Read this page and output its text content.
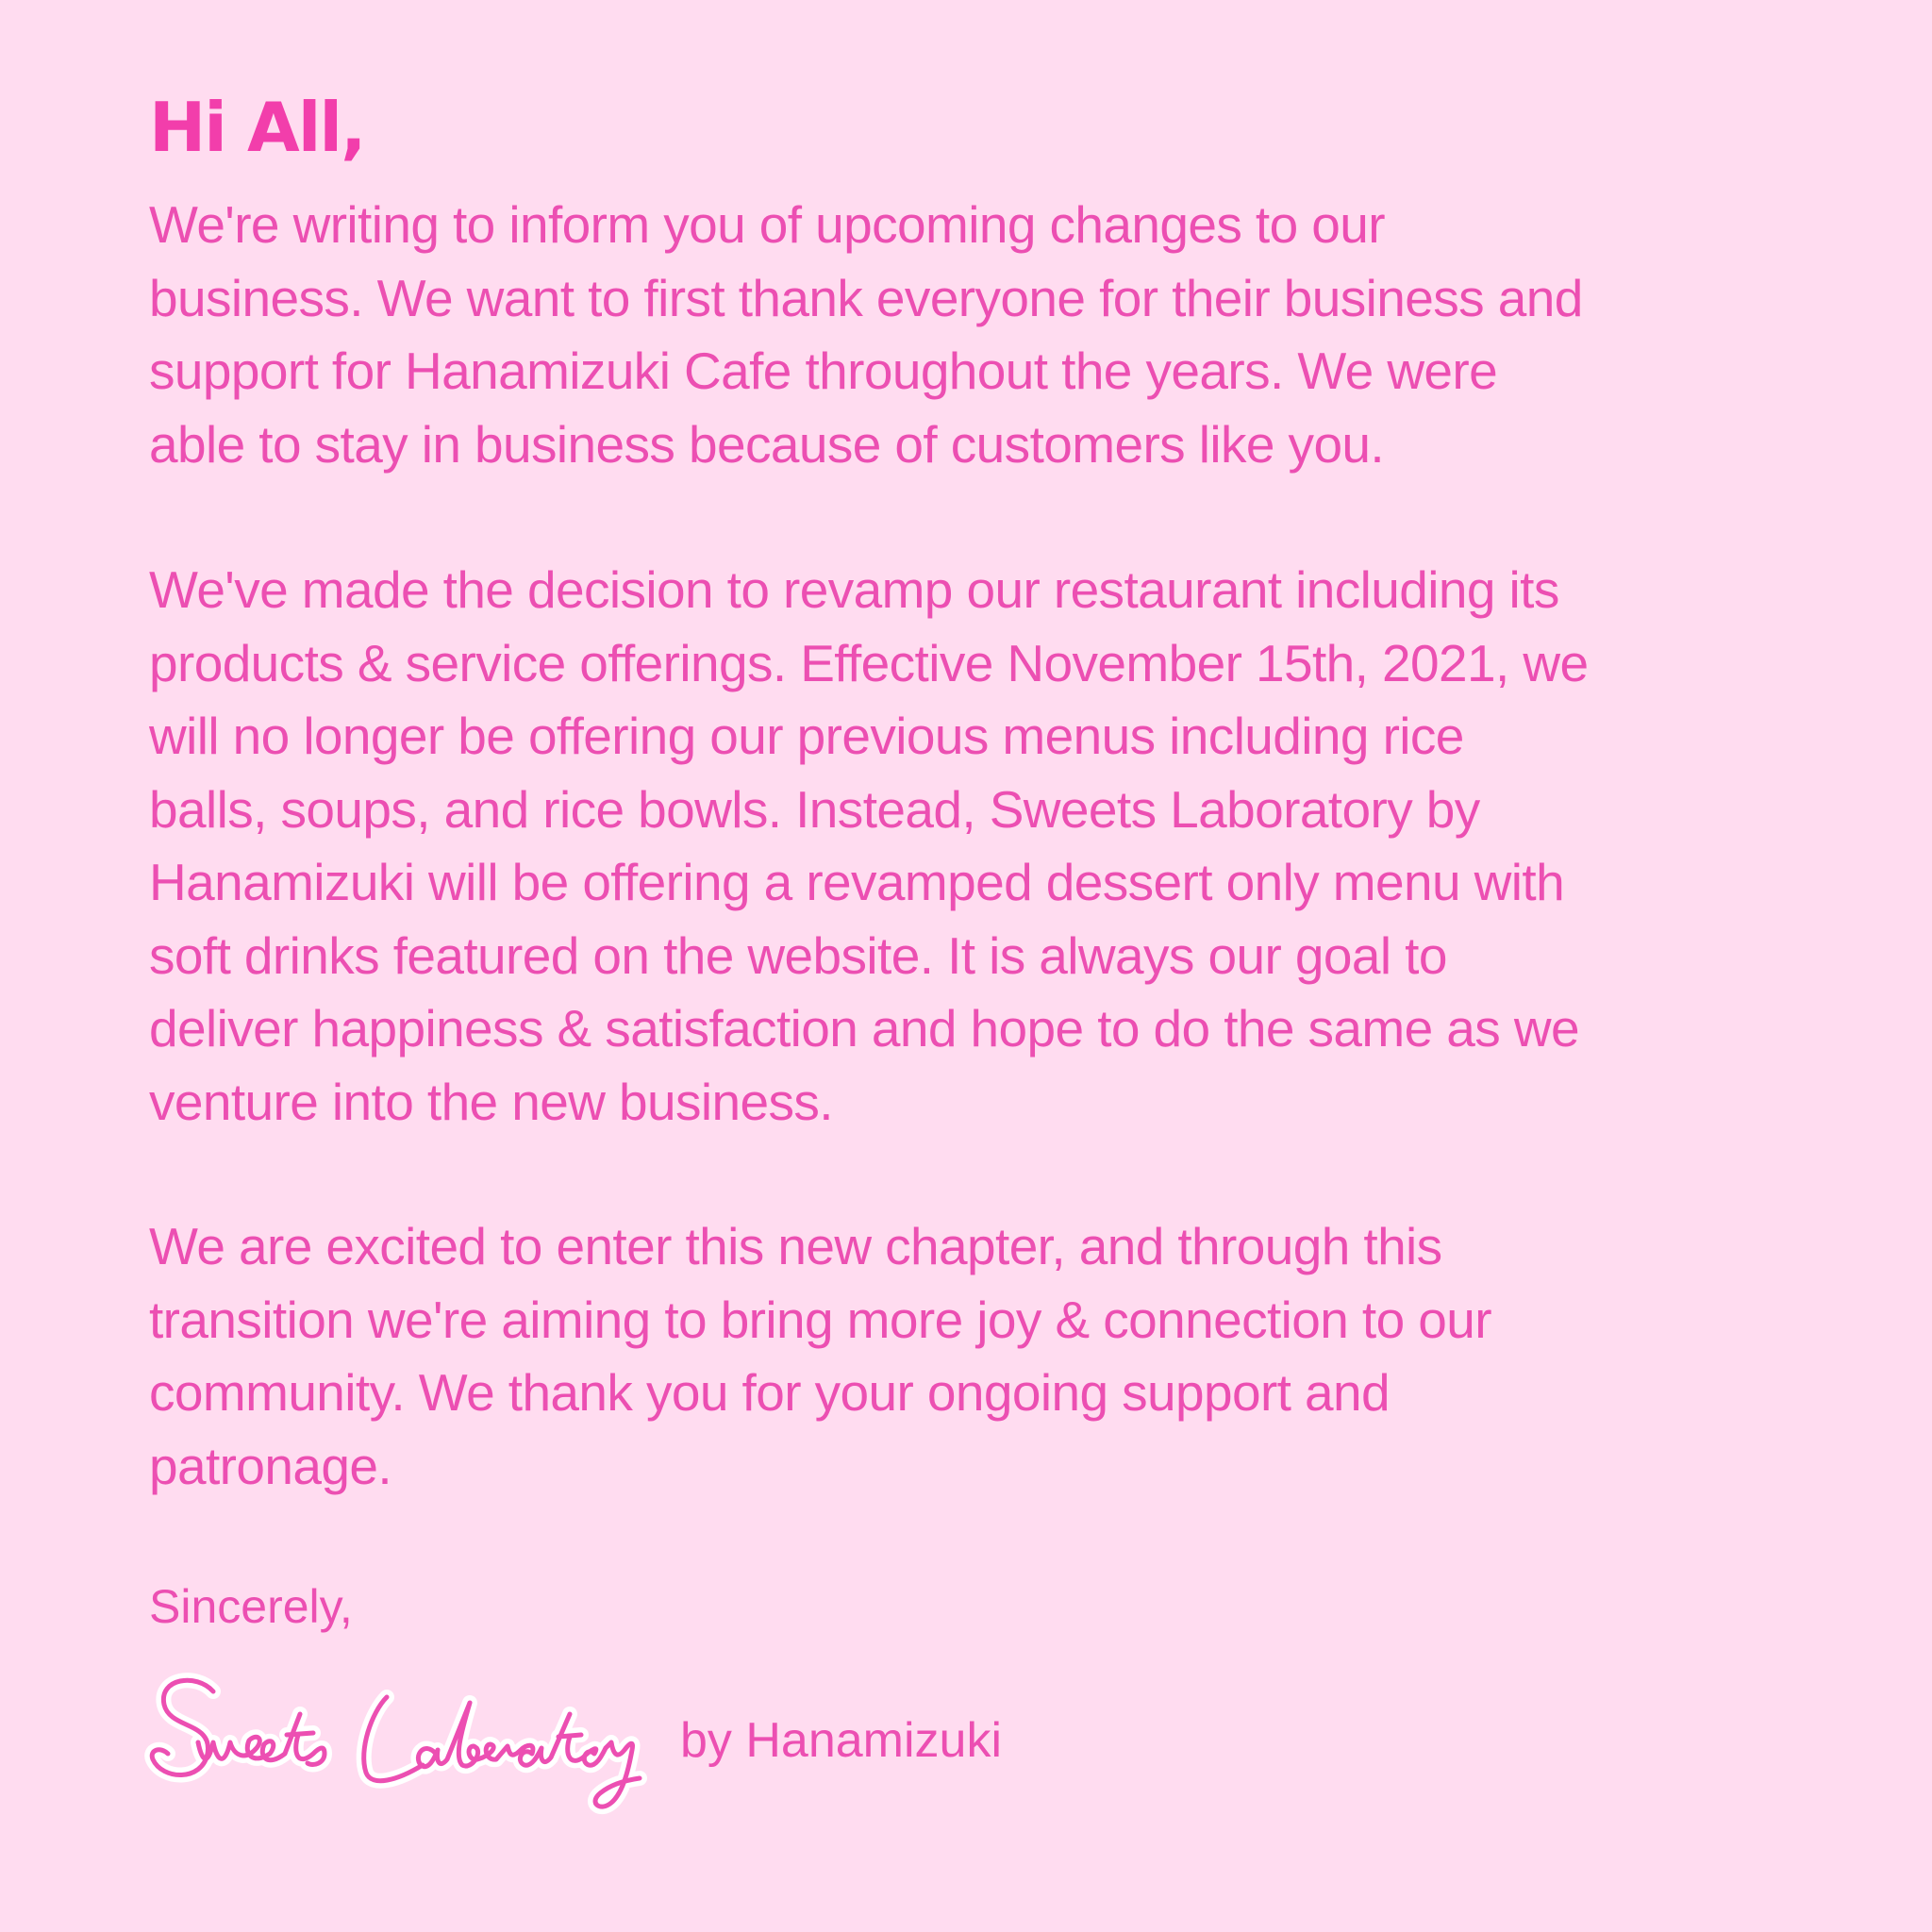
Hi All,

We're writing to inform you of upcoming changes to our
business. We want to first thank everyone for their business and
support for Hanamizuki Cafe throughout the years. We were
able to stay in business because of customers like you.

We've made the decision to revamp our restaurant including its
products & service offerings. Effective November 15th, 2021, we
will no longer be offering our previous menus including rice
balls, soups, and rice bowls. Instead, Sweets Laboratory by
Hanamizuki will be offering a revamped dessert only menu with
soft drinks featured on the website. It is always our goal to
deliver happiness & satisfaction and hope to do the same as we
venture into the new business.

We are excited to enter this new chapter, and through this
transition we're aiming to bring more joy & connection to our
community. We thank you for your ongoing support and
patronage.

Sincerely,
by Hanamizuki
